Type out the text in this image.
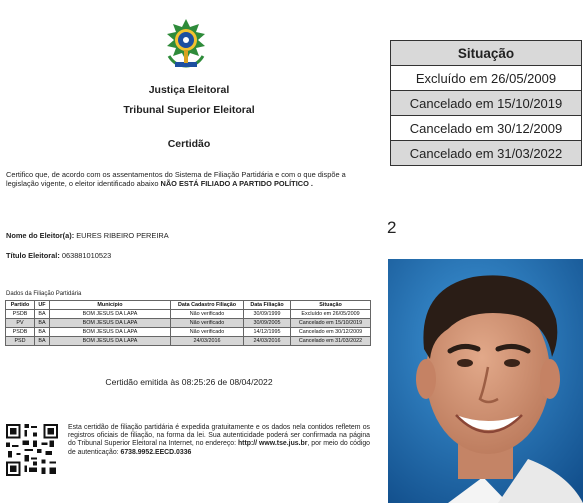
Justiça Eleitoral
Tribunal Superior Eleitoral
Certidão
Certifico que, de acordo com os assentamentos do Sistema de Filiação Partidária e com o que dispõe a legislação vigente, o eleitor identificado abaixo NÃO ESTÁ FILIADO A PARTIDO POLÍTICO .
Nome do Eleitor(a): EURES RIBEIRO PEREIRA
Título Eleitoral: 063881010523
Dados da Filiação Partidária
Partido	UF	Município	Data Cadastro Filiação	Data Filiação	Situação
PSDB	BA	BOM JESUS DA LAPA	Não verificado	30/09/1999	Excluído em 26/05/2009
PV	BA	BOM JESUS DA LAPA	Não verificado	30/09/2005	Cancelado em 15/10/2019
PSDB	BA	BOM JESUS DA LAPA	Não verificado	14/12/1995	Cancelado em 30/12/2009
PSD	BA	BOM JESUS DA LAPA	24/03/2016	24/03/2016	Cancelado em 31/03/2022
Certidão emitida às 08:25:26 de 08/04/2022
Esta certidão de filiação partidária é expedida gratuitamente e os dados nela contidos refletem os registros oficiais de filiação, na forma da lei. Sua autenticidade poderá ser confirmada na página do Tribunal Superior Eleitoral na Internet, no endereço: http:// www.tse.jus.br, por meio do código de autenticação: 6738.9952.EECD.0336
Situação
Excluído em 26/05/2009
Cancelado em 15/10/2019
Cancelado em 30/12/2009
Cancelado em 31/03/2022
2
